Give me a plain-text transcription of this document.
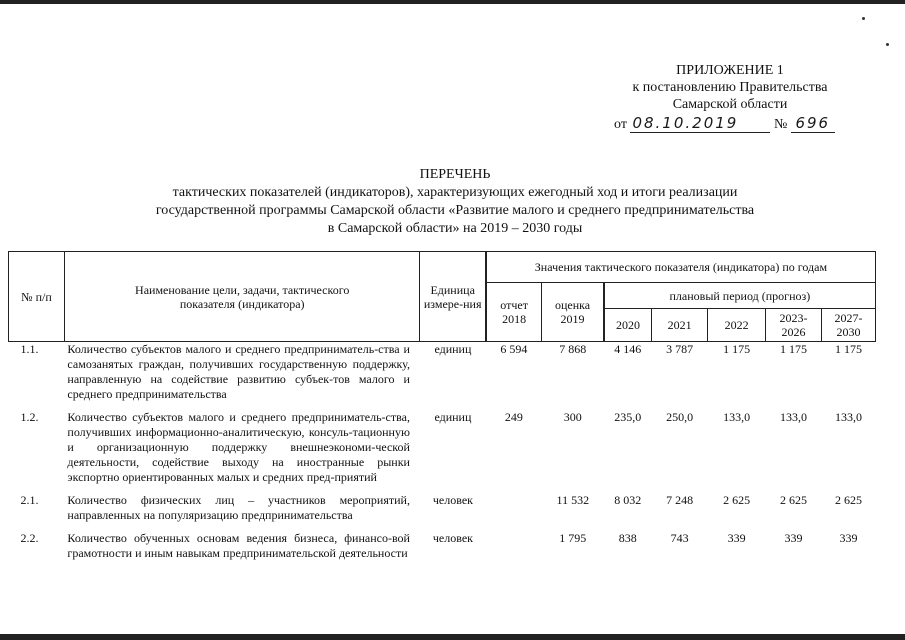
ПРИЛОЖЕНИЕ 1
к постановлению Правительства
Самарской области
от 08.10.2019	№ 696
ПЕРЕЧЕНЬ
тактических показателей (индикаторов), характеризующих ежегодный ход и итоги реализации
государственной программы Самарской области «Развитие малого и среднего предпринимательства
в Самарской области» на 2019 – 2030 годы
№ п/п	Наименование цели, задачи, тактического показателя (индикатора)	Единица измере-ния	Значения тактического показателя (индикатора) по годам						
			отчет 2018	оценка 2019	плановый период (прогноз)				
					2020	2021	2022	2023-2026	2027-2030
1.1.	Количество субъектов малого и среднего предприниматель-ства и самозанятых граждан, получивших государственную поддержку, направленную на содействие развитию субъек-тов малого и среднего предпринимательства	единиц	6 594	7 868	4 146	3 787	1 175	1 175	1 175
1.2.	Количество субъектов малого и среднего предприниматель-ства, получивших информационно-аналитическую, консуль-тационную и организационную поддержку внешнеэкономи-ческой деятельности, содействие выходу на иностранные рынки экспортно ориентированных малых и средних пред-приятий	единиц	249	300	235,0	250,0	133,0	133,0	133,0
2.1.	Количество физических лиц – участников мероприятий, направленных на популяризацию предпринимательства	человек		11 532	8 032	7 248	2 625	2 625	2 625
2.2.	Количество обученных основам ведения бизнеса, финансо-вой грамотности и иным навыкам предпринимательской деятельности	человек		1 795	838	743	339	339	339
